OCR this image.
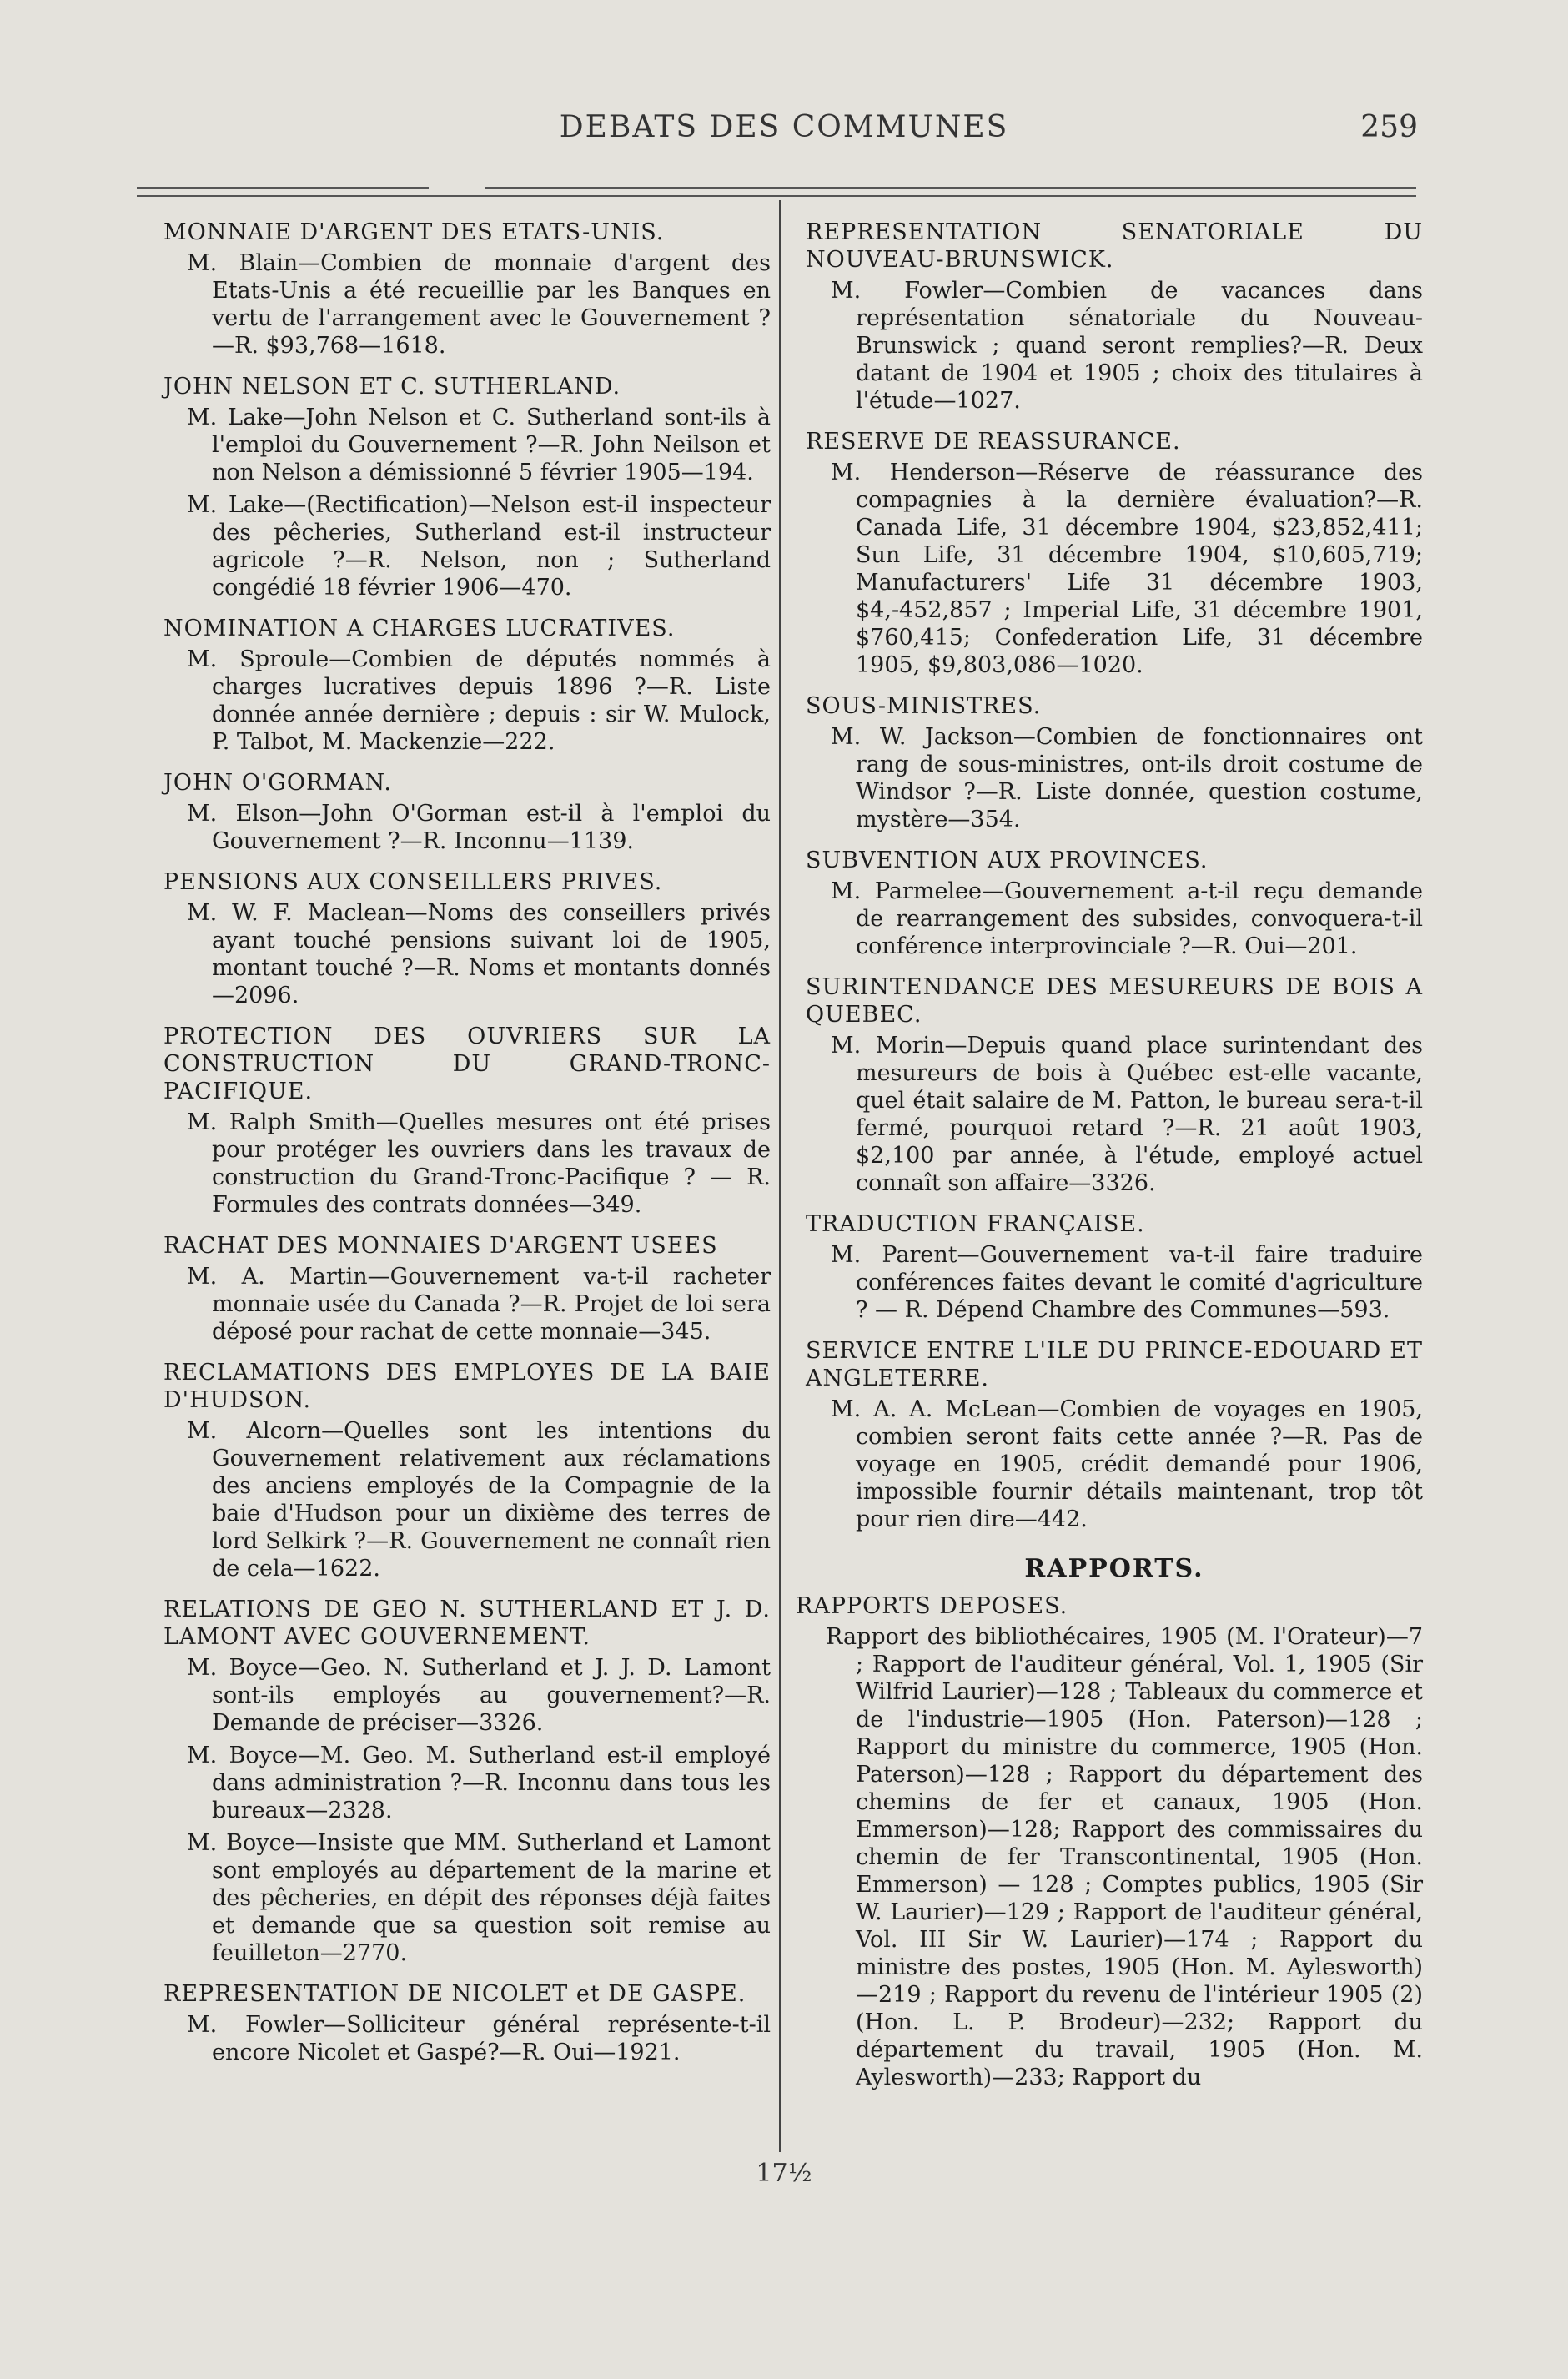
DEBATS DES COMMUNES	259
MONNAIE D'ARGENT DES ETATS-UNIS.

M. Blain—Combien de monnaie d'argent des Etats-Unis a été recueillie par les Banques en vertu de l'arrangement avec le Gouvernement ?—R. $93,768—1618.

JOHN NELSON ET C. SUTHERLAND.

M. Lake—John Nelson et C. Sutherland sont-ils à l'emploi du Gouvernement ?—R. John Neilson et non Nelson a démissionné 5 février 1905—194.

M. Lake—(Rectification)—Nelson est-il inspecteur des pêcheries, Sutherland est-il instructeur agricole ?—R. Nelson, non ; Sutherland congédié 18 février 1906—470.

NOMINATION A CHARGES LUCRATIVES.

M. Sproule—Combien de députés nommés à charges lucratives depuis 1896 ?—R. Liste donnée année dernière ; depuis : sir W. Mulock, P. Talbot, M. Mackenzie—222.

JOHN O'GORMAN.

M. Elson—John O'Gorman est-il à l'emploi du Gouvernement ?—R. Inconnu—1139.

PENSIONS AUX CONSEILLERS PRIVES.

M. W. F. Maclean—Noms des conseillers privés ayant touché pensions suivant loi de 1905, montant touché ?—R. Noms et montants donnés—2096.

PROTECTION DES OUVRIERS SUR LA CONSTRUCTION DU GRAND-TRONC-PACIFIQUE.

M. Ralph Smith—Quelles mesures ont été prises pour protéger les ouvriers dans les travaux de construction du Grand-Tronc-Pacifique ? — R. Formules des contrats données—349.

RACHAT DES MONNAIES D'ARGENT USEES

M. A. Martin—Gouvernement va-t-il racheter monnaie usée du Canada ?—R. Projet de loi sera déposé pour rachat de cette monnaie—345.

RECLAMATIONS DES EMPLOYES DE LA BAIE D'HUDSON.

M. Alcorn—Quelles sont les intentions du Gouvernement relativement aux réclamations des anciens employés de la Compagnie de la baie d'Hudson pour un dixième des terres de lord Selkirk ?—R. Gouvernement ne connaît rien de cela—1622.

RELATIONS DE GEO N. SUTHERLAND ET J. D. LAMONT AVEC GOUVERNEMENT.

M. Boyce—Geo. N. Sutherland et J. J. D. Lamont sont-ils employés au gouvernement?—R. Demande de préciser—3326.

M. Boyce—M. Geo. M. Sutherland est-il employé dans administration ?—R. Inconnu dans tous les bureaux—2328.

M. Boyce—Insiste que MM. Sutherland et Lamont sont employés au département de la marine et des pêcheries, en dépit des réponses déjà faites et demande que sa question soit remise au feuilleton—2770.

REPRESENTATION DE NICOLET et DE GASPE.

M. Fowler—Solliciteur général représente-t-il encore Nicolet et Gaspé?—R. Oui—1921.

REPRESENTATION SENATORIALE DU NOUVEAU-BRUNSWICK.

M. Fowler—Combien de vacances dans représentation sénatoriale du Nouveau-Brunswick ; quand seront remplies?—R. Deux datant de 1904 et 1905 ; choix des titulaires à l'étude—1027.

RESERVE DE REASSURANCE.

M. Henderson—Réserve de réassurance des compagnies à la dernière évaluation?—R. Canada Life, 31 décembre 1904, $23,852,411; Sun Life, 31 décembre 1904, $10,605,719; Manufacturers' Life 31 décembre 1903, $4,-452,857 ; Imperial Life, 31 décembre 1901, $760,415; Confederation Life, 31 décembre 1905, $9,803,086—1020.

SOUS-MINISTRES.

M. W. Jackson—Combien de fonctionnaires ont rang de sous-ministres, ont-ils droit costume de Windsor ?—R. Liste donnée, question costume, mystère—354.

SUBVENTION AUX PROVINCES.

M. Parmelee—Gouvernement a-t-il reçu demande de rearrangement des subsides, convoquera-t-il conférence interprovinciale ?—R. Oui—201.

SURINTENDANCE DES MESUREURS DE BOIS A QUEBEC.

M. Morin—Depuis quand place surintendant des mesureurs de bois à Québec est-elle vacante, quel était salaire de M. Patton, le bureau sera-t-il fermé, pourquoi retard ?—R. 21 août 1903, $2,100 par année, à l'étude, employé actuel connaît son affaire—3326.

TRADUCTION FRANÇAISE.

M. Parent—Gouvernement va-t-il faire traduire conférences faites devant le comité d'agriculture ? — R. Dépend Chambre des Communes—593.

SERVICE ENTRE L'ILE DU PRINCE-EDOUARD ET ANGLETERRE.

M. A. A. McLean—Combien de voyages en 1905, combien seront faits cette année ?—R. Pas de voyage en 1905, crédit demandé pour 1906, impossible fournir détails maintenant, trop tôt pour rien dire—442.

RAPPORTS.
RAPPORTS DEPOSES.

Rapport des bibliothécaires, 1905 (M. l'Orateur)—7 ; Rapport de l'auditeur général, Vol. 1, 1905 (Sir Wilfrid Laurier)—128 ; Tableaux du commerce et de l'industrie—1905 (Hon. Paterson)—128 ; Rapport du ministre du commerce, 1905 (Hon. Paterson)—128 ; Rapport du département des chemins de fer et canaux, 1905 (Hon. Emmerson)—128; Rapport des commissaires du chemin de fer Transcontinental, 1905 (Hon. Emmerson) — 128 ; Comptes publics, 1905 (Sir W. Laurier)—129 ; Rapport de l'auditeur général, Vol. III Sir W. Laurier)—174 ; Rapport du ministre des postes, 1905 (Hon. M. Aylesworth)—219 ; Rapport du revenu de l'intérieur 1905 (2) (Hon. L. P. Brodeur)—232; Rapport du département du travail, 1905 (Hon. M. Aylesworth)—233; Rapport du

17½
